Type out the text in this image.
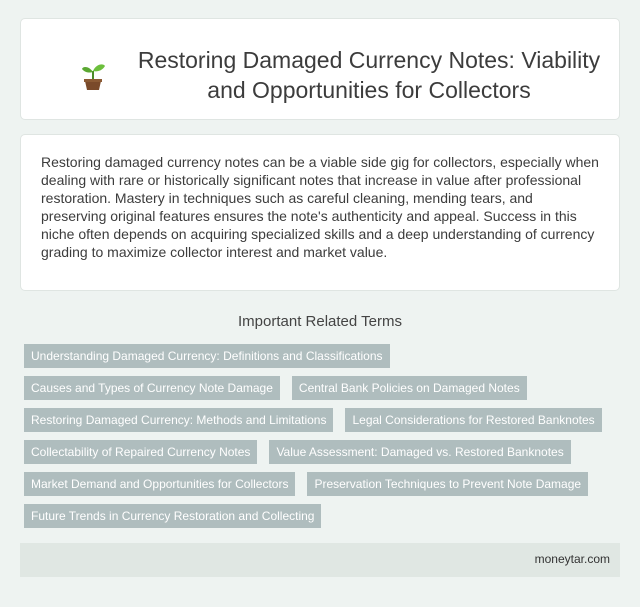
Restoring Damaged Currency Notes: Viability and Opportunities for Collectors

Restoring damaged currency notes can be a viable side gig for collectors, especially when dealing with rare or historically significant notes that increase in value after professional restoration. Mastery in techniques such as careful cleaning, mending tears, and preserving original features ensures the note's authenticity and appeal. Success in this niche often depends on acquiring specialized skills and a deep understanding of currency grading to maximize collector interest and market value.

Important Related Terms
Understanding Damaged Currency: Definitions and Classifications
Causes and Types of Currency Note Damage Central Bank Policies on Damaged Notes
Restoring Damaged Currency: Methods and Limitations Legal Considerations for Restored Banknotes
Collectability of Repaired Currency Notes Value Assessment: Damaged vs. Restored Banknotes
Market Demand and Opportunities for Collectors Preservation Techniques to Prevent Note Damage
Future Trends in Currency Restoration and Collecting
moneytar.com
